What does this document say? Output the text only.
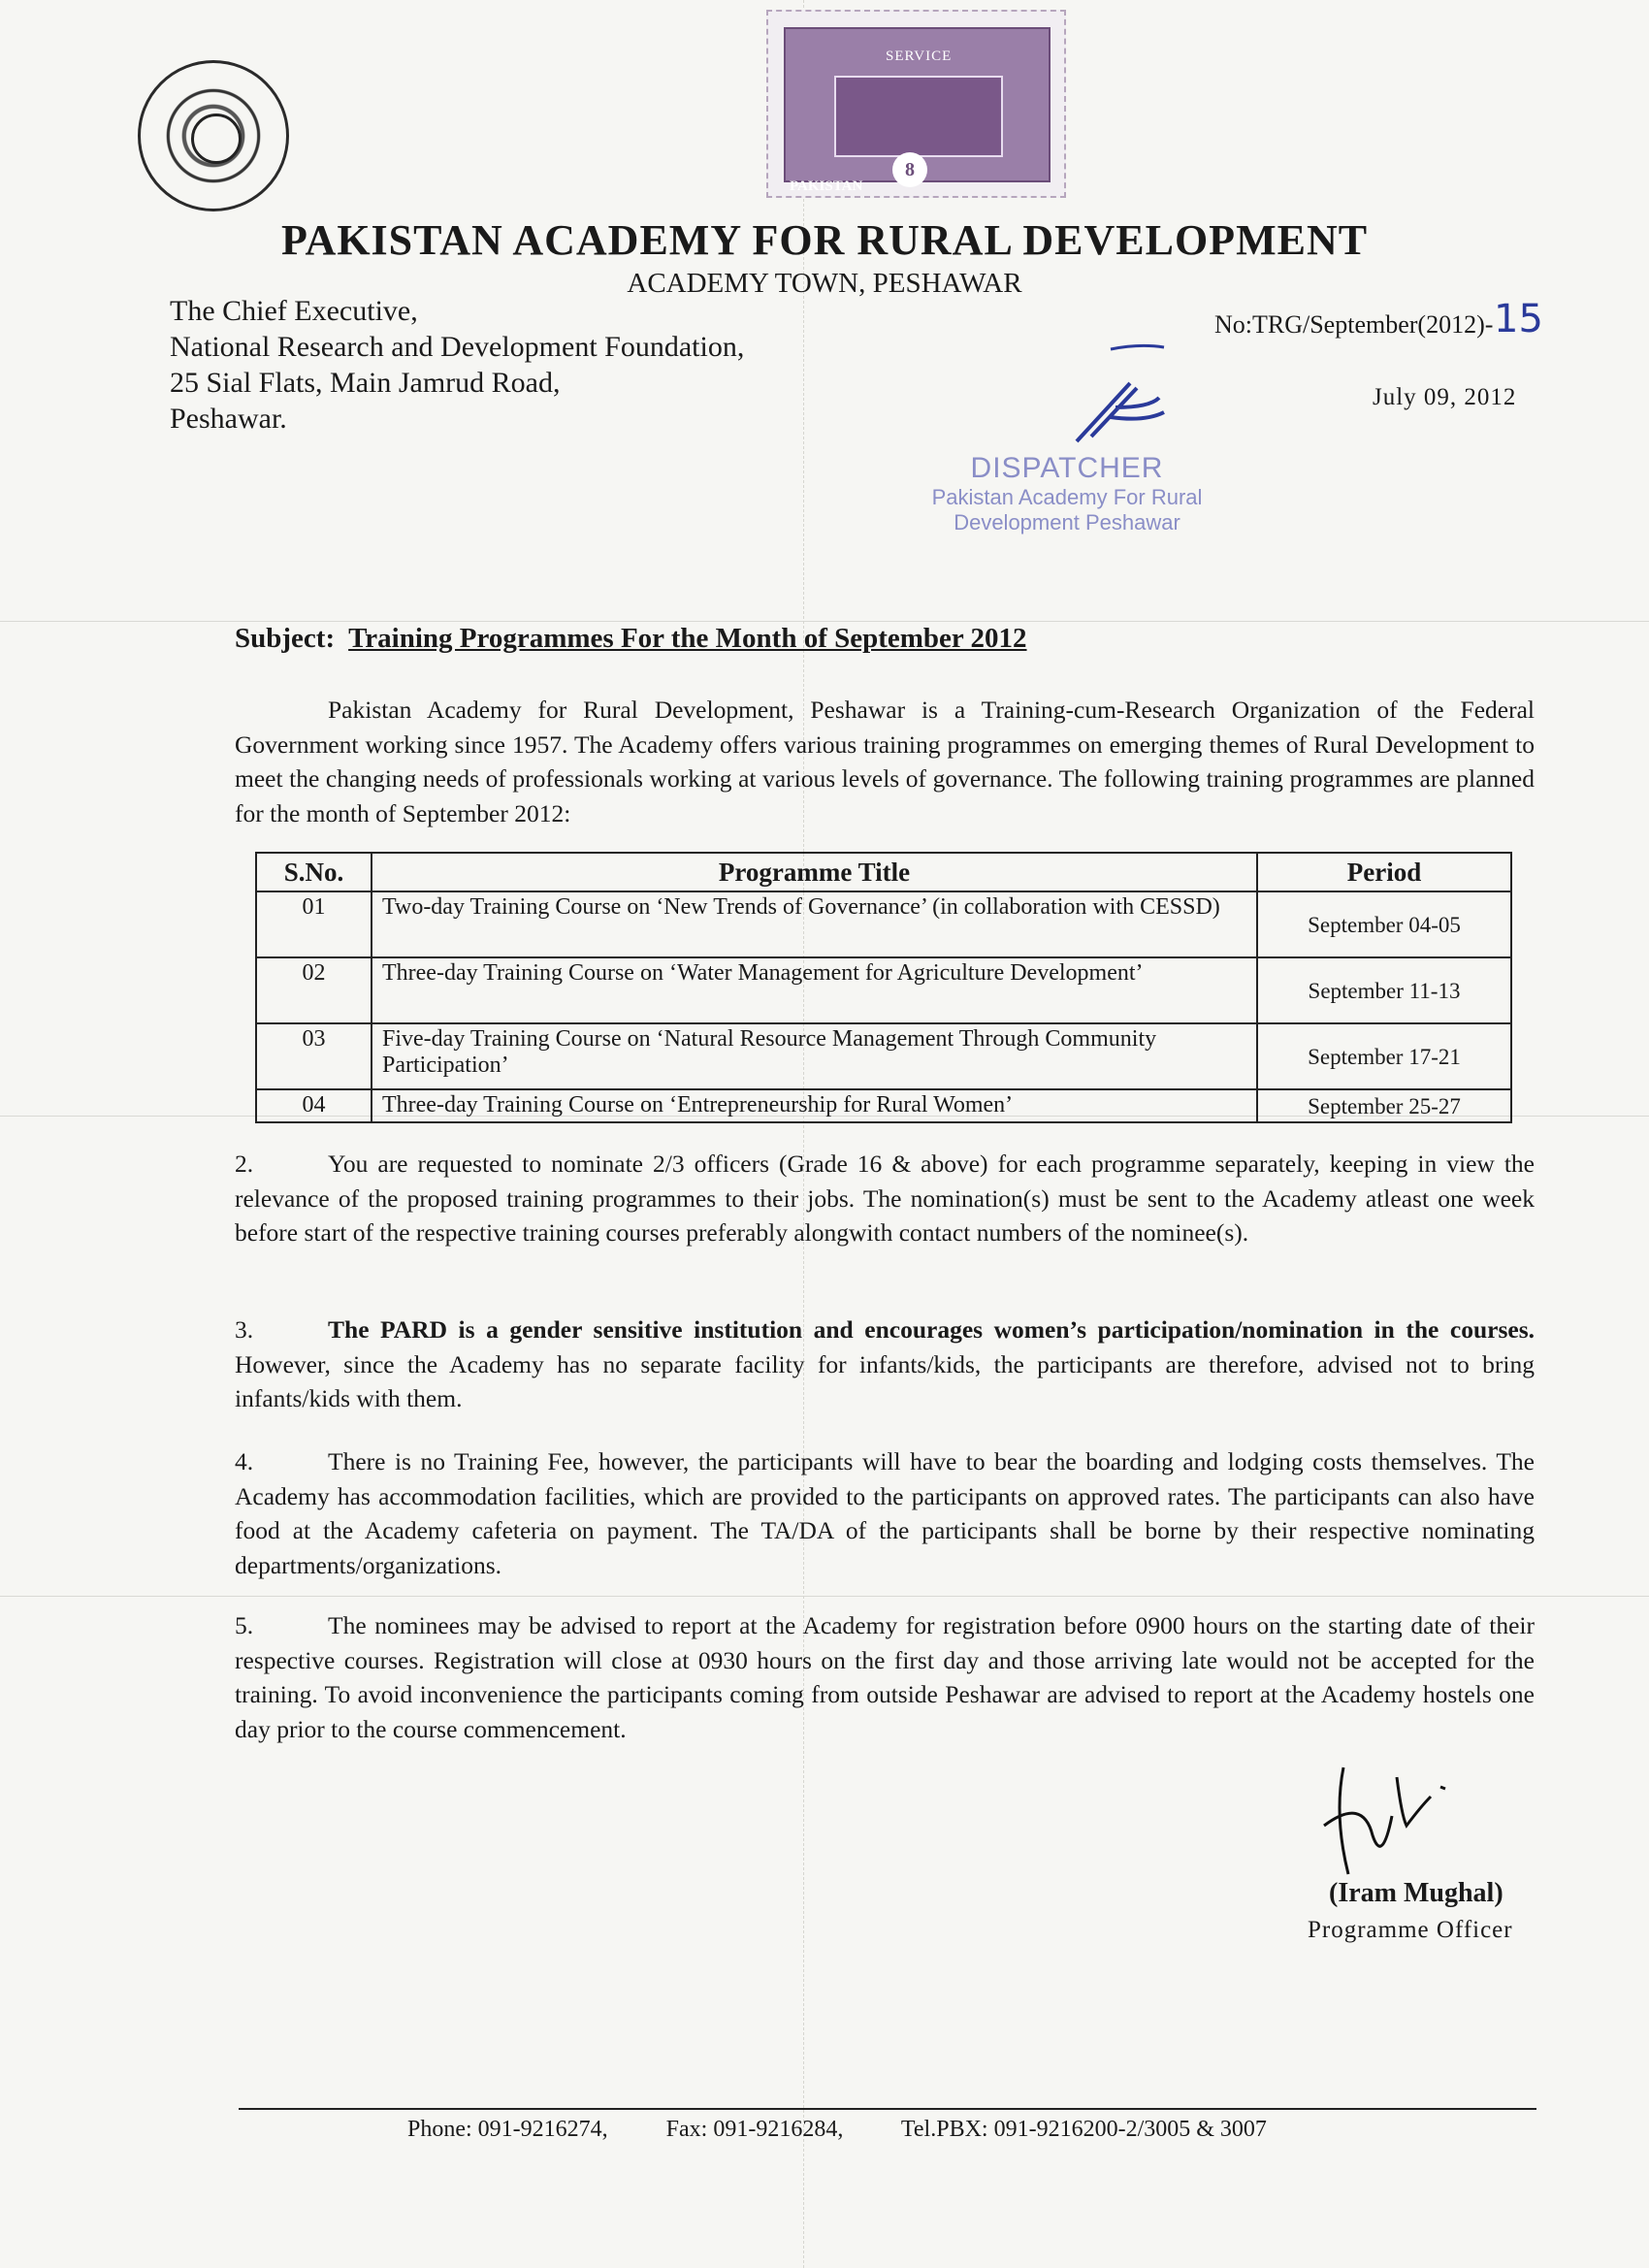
SERVICE
PAKISTAN
8
PAKISTAN ACADEMY FOR RURAL DEVELOPMENT
ACADEMY TOWN, PESHAWAR
The Chief Executive,
National Research and Development Foundation,
25 Sial Flats, Main Jamrud Road,
Peshawar.
No:TRG/September(2012)- 15
July 09, 2012
DISPATCHER
Pakistan Academy For Rural
Development Peshawar
Subject: Training Programmes For the Month of September 2012
Pakistan Academy for Rural Development, Peshawar is a Training-cum-Research Organization of the Federal Government working since 1957. The Academy offers various training programmes on emerging themes of Rural Development to meet the changing needs of professionals working at various levels of governance. The following training programmes are planned for the month of September 2012:
S.No.	Programme Title	Period
01	Two-day Training Course on ‘New Trends of Governance’ (in collaboration with CESSD)	September 04-05
02	Three-day Training Course on ‘Water Management for Agriculture Development’	September 11-13
03	Five-day Training Course on ‘Natural Resource Management Through Community Participation’	September 17-21
04	Three-day Training Course on ‘Entrepreneurship for Rural Women’	September 25-27
2.	You are requested to nominate 2/3 officers (Grade 16 & above) for each programme separately, keeping in view the relevance of the proposed training programmes to their jobs. The nomination(s) must be sent to the Academy atleast one week before start of the respective training courses preferably alongwith contact numbers of the nominee(s).
3.	The PARD is a gender sensitive institution and encourages women’s participation/nomination in the courses. However, since the Academy has no separate facility for infants/kids, the participants are therefore, advised not to bring infants/kids with them.
4.	There is no Training Fee, however, the participants will have to bear the boarding and lodging costs themselves. The Academy has accommodation facilities, which are provided to the participants on approved rates. The participants can also have food at the Academy cafeteria on payment. The TA/DA of the participants shall be borne by their respective nominating departments/organizations.
5.	The nominees may be advised to report at the Academy for registration before 0900 hours on the starting date of their respective courses. Registration will close at 0930 hours on the first day and those arriving late would not be accepted for the training. To avoid inconvenience the participants coming from outside Peshawar are advised to report at the Academy hostels one day prior to the course commencement.
(Iram Mughal)
Programme Officer
Phone: 091-9216274,	Fax: 091-9216284, Tel.PBX: 091-9216200-2/3005 & 3007
